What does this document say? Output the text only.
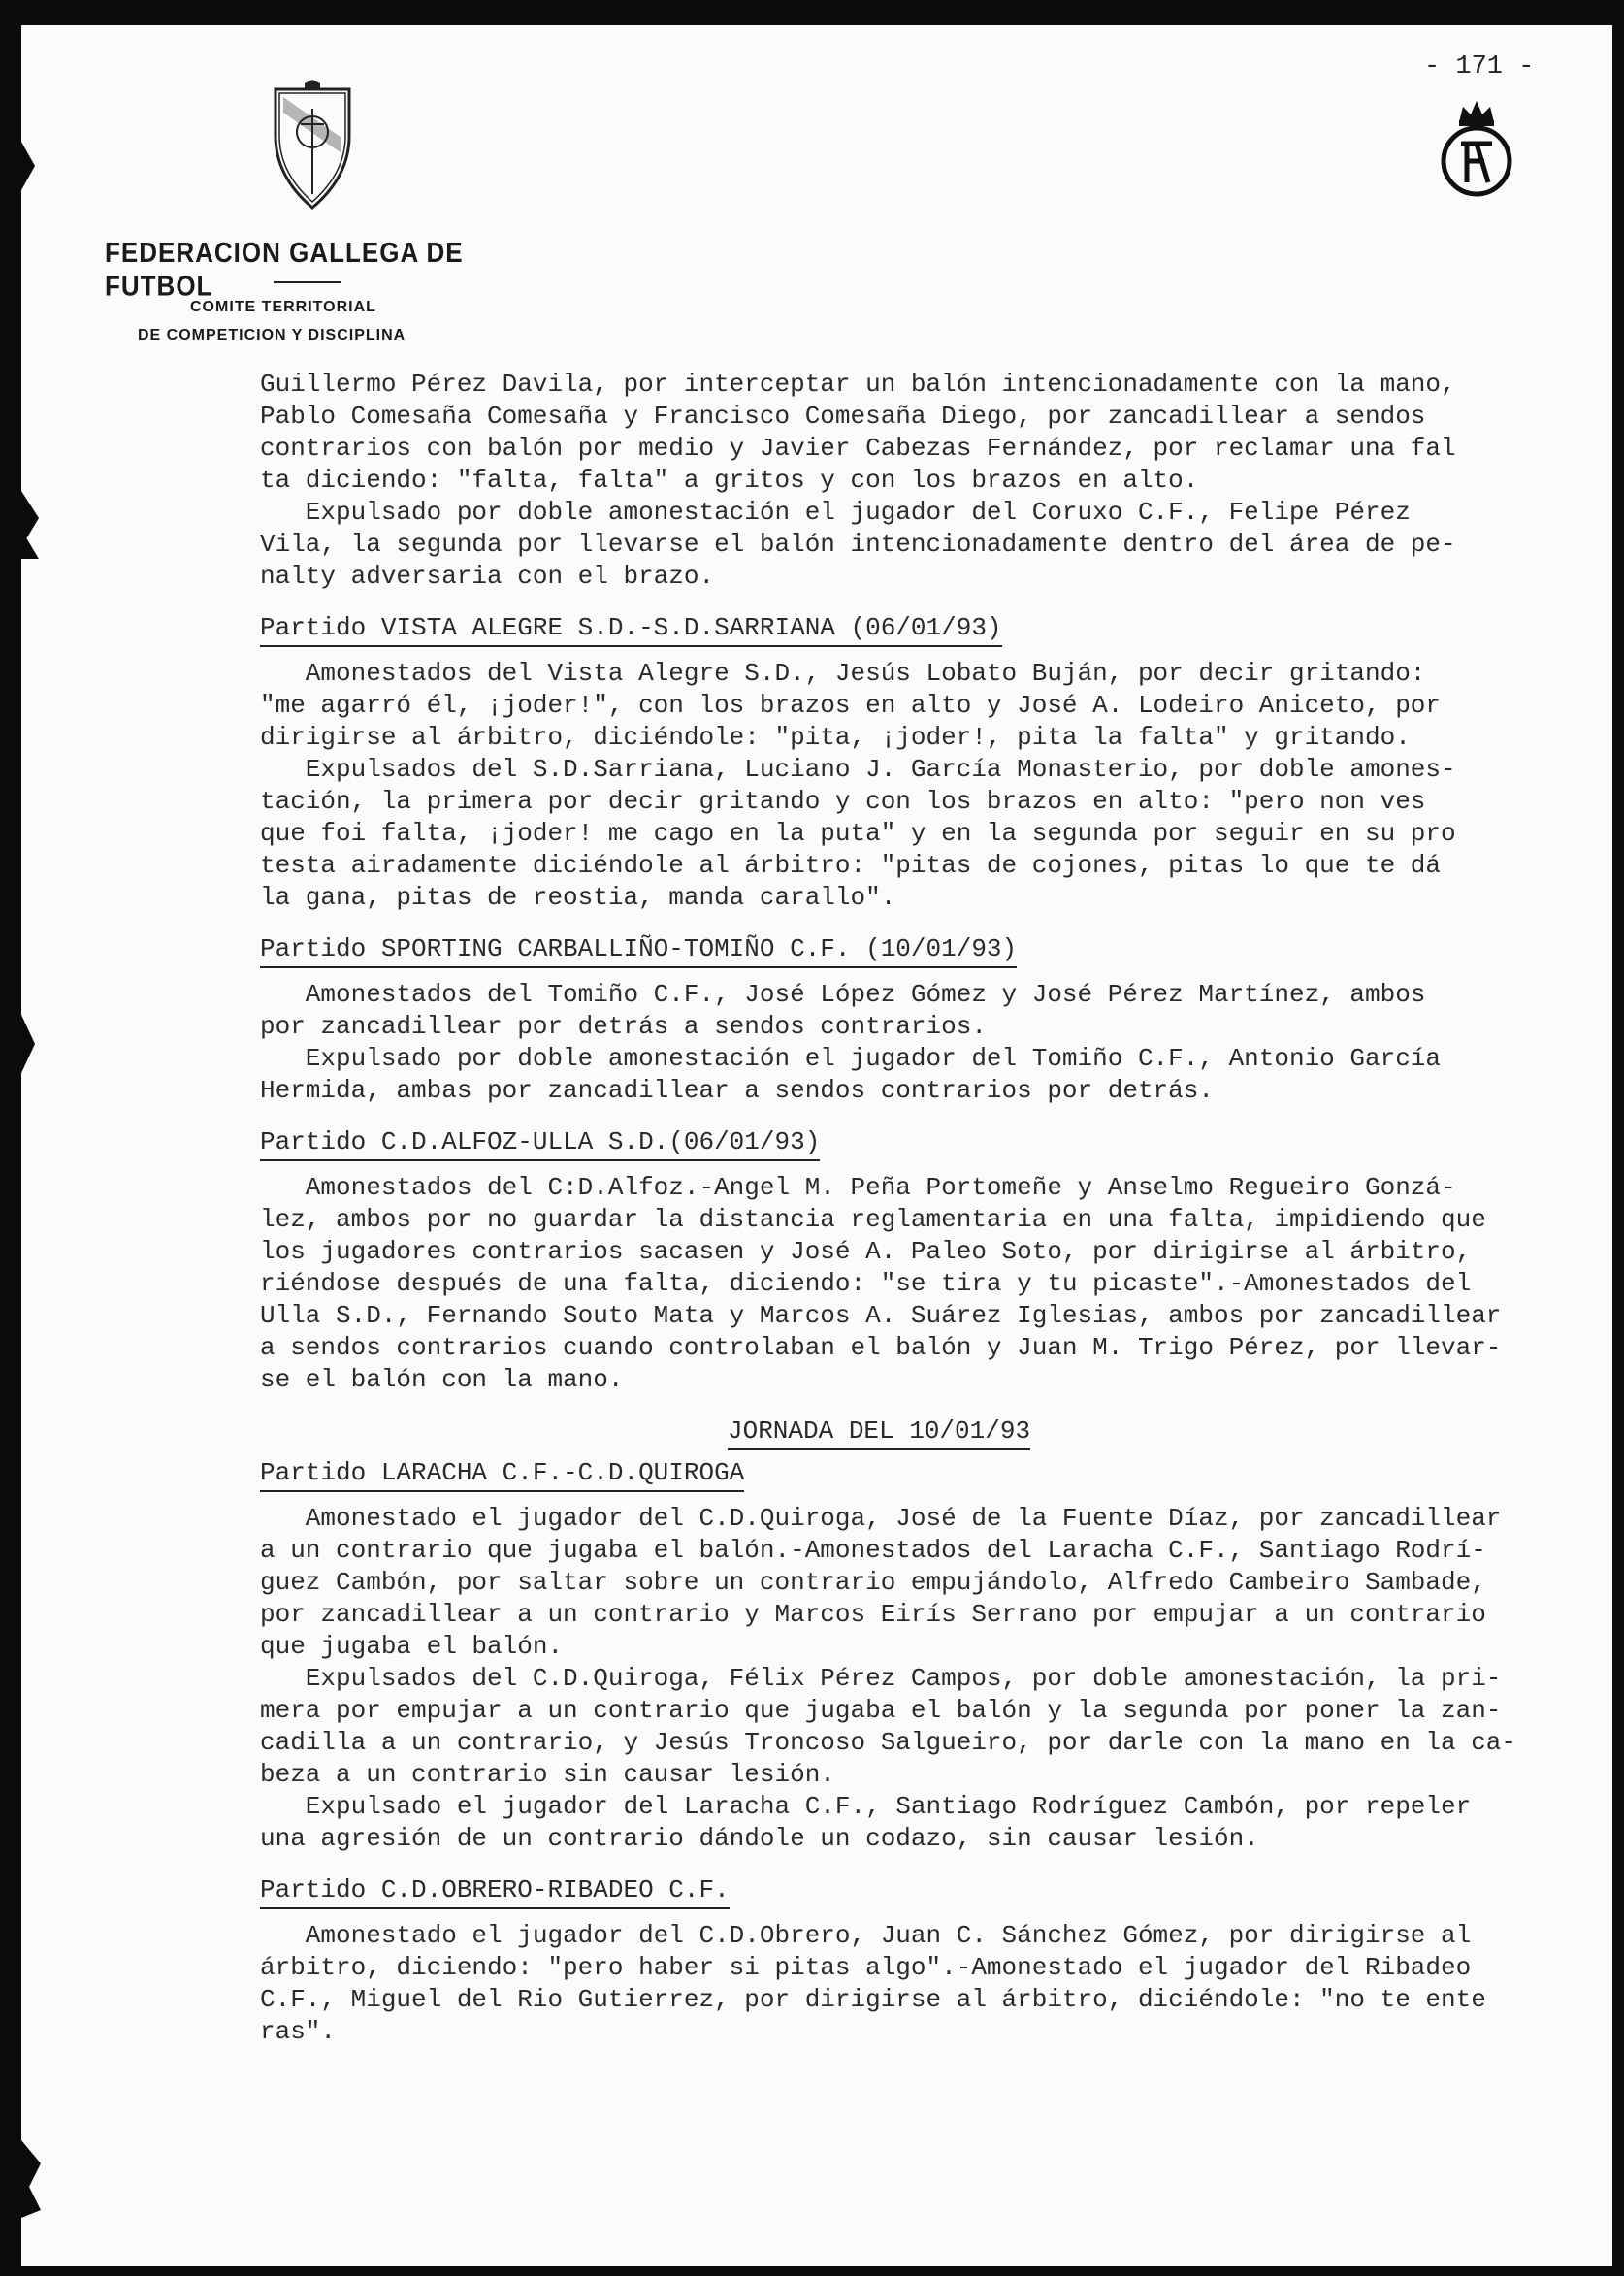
- 171 -
FEDERACION GALLEGA DE FUTBOL
COMITE TERRITORIAL
DE COMPETICION Y DISCIPLINA
Guillermo Pérez Davila, por interceptar un balón intencionadamente con la mano,
Pablo Comesaña Comesaña y Francisco Comesaña Diego, por zancadillear a sendos
contrarios con balón por medio y Javier Cabezas Fernández, por reclamar una fal
ta diciendo: "falta, falta" a gritos y con los brazos en alto.
Expulsado por doble amonestación el jugador del Coruxo C.F., Felipe Pérez
Vila, la segunda por llevarse el balón intencionadamente dentro del área de pe-
nalty adversaria con el brazo.
Partido VISTA ALEGRE S.D.-S.D.SARRIANA (06/01/93)
Amonestados del Vista Alegre S.D., Jesús Lobato Buján, por decir gritando:
"me agarró él, ¡joder!", con los brazos en alto y José A. Lodeiro Aniceto, por
dirigirse al árbitro, diciéndole: "pita, ¡joder!, pita la falta" y gritando.
Expulsados del S.D.Sarriana, Luciano J. García Monasterio, por doble amones-
tación, la primera por decir gritando y con los brazos en alto: "pero non ves
que foi falta, ¡joder! me cago en la puta" y en la segunda por seguir en su pro
testa airadamente diciéndole al árbitro: "pitas de cojones, pitas lo que te dá
la gana, pitas de reostia, manda carallo".
Partido SPORTING CARBALLIÑO-TOMIÑO C.F. (10/01/93)
Amonestados del Tomiño C.F., José López Gómez y José Pérez Martínez, ambos
por zancadillear por detrás a sendos contrarios.
Expulsado por doble amonestación el jugador del Tomiño C.F., Antonio García
Hermida, ambas por zancadillear a sendos contrarios por detrás.
Partido C.D.ALFOZ-ULLA S.D.(06/01/93)
Amonestados del C:D.Alfoz.-Angel M. Peña Portomeñe y Anselmo Regueiro Gonzá-
lez, ambos por no guardar la distancia reglamentaria en una falta, impidiendo que
los jugadores contrarios sacasen y José A. Paleo Soto, por dirigirse al árbitro,
riéndose después de una falta, diciendo: "se tira y tu picaste".-Amonestados del
Ulla S.D., Fernando Souto Mata y Marcos A. Suárez Iglesias, ambos por zancadillear
a sendos contrarios cuando controlaban el balón y Juan M. Trigo Pérez, por llevar-
se el balón con la mano.
JORNADA DEL 10/01/93
Partido LARACHA C.F.-C.D.QUIROGA
Amonestado el jugador del C.D.Quiroga, José de la Fuente Díaz, por zancadillear
a un contrario que jugaba el balón.-Amonestados del Laracha C.F., Santiago Rodrí-
guez Cambón, por saltar sobre un contrario empujándolo, Alfredo Cambeiro Sambade,
por zancadillear a un contrario y Marcos Eirís Serrano por empujar a un contrario
que jugaba el balón.
Expulsados del C.D.Quiroga, Félix Pérez Campos, por doble amonestación, la pri-
mera por empujar a un contrario que jugaba el balón y la segunda por poner la zan-
cadilla a un contrario, y Jesús Troncoso Salgueiro, por darle con la mano en la ca-
beza a un contrario sin causar lesión.
Expulsado el jugador del Laracha C.F., Santiago Rodríguez Cambón, por repeler
una agresión de un contrario dándole un codazo, sin causar lesión.
Partido C.D.OBRERO-RIBADEO C.F.
Amonestado el jugador del C.D.Obrero, Juan C. Sánchez Gómez, por dirigirse al
árbitro, diciendo: "pero haber si pitas algo".-Amonestado el jugador del Ribadeo
C.F., Miguel del Rio Gutierrez, por dirigirse al árbitro, diciéndole: "no te ente
ras".
